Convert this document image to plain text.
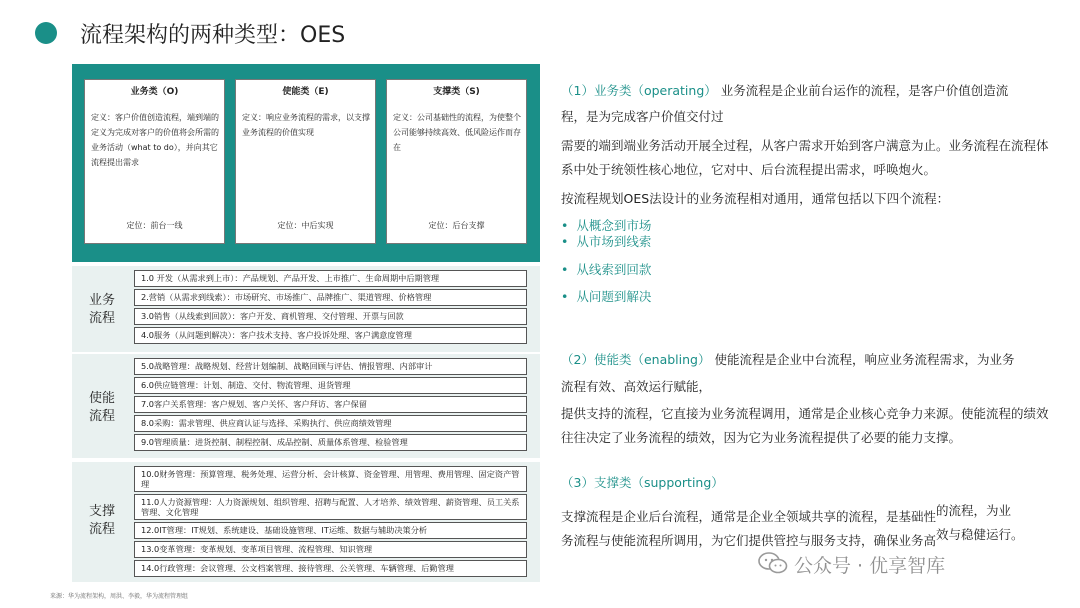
流程架构的两种类型：OES
业务类（O)
定义：客户价值创造流程，端到端的定义为完成对客户的价值将会所需的业务活动（what to do），并向其它流程提出需求
定位：前台一线
使能类（E)
定义：响应业务流程的需求，以支撑业务流程的价值实现
定位：中后实现
支撑类（S)
定义：公司基础性的流程，为使整个公司能够持续高效、低风险运作而存在
定位：后台支撑
业务
流程
1.0 开发（从需求到上市）：产品规划、产品开发、上市推广、生命周期中后期管理
2.营销（从需求到线索）：市场研究、市场推广、品牌推广、渠道管理、价格管理
3.0销售（从线索到回款）：客户开发、商机管理、交付管理、开票与回款
4.0服务（从问题到解决）：客户技术支持、客户投诉处理、客户满意度管理
使能
流程
5.0战略管理：战略规划、经营计划编制、战略回顾与评估、情报管理、内部审计
6.0供应链管理：计划、制造、交付、物流管理、退货管理
7.0客户关系管理：客户规划、客户关怀、客户拜访、客户保留
8.0采购：需求管理、供应商认证与选择、采购执行、供应商绩效管理
9.0管理质量：进货控制、制程控制、成品控制、质量体系管理、检验管理
支撑
流程
10.0财务管理：预算管理、税务处理、运营分析、会计核算、资金管理、用管理、费用管理、固定资产管理
11.0人力资源管理：人力资源规划、组织管理、招聘与配置、人才培养、绩效管理、薪资管理、员工关系管理、文化管理
12.0IT管理：IT规划、系统建设、基础设施管理、IT运维、数据与辅助决策分析
13.0变革管理：变革规划、变革项目管理、流程管理、知识管理
14.0行政管理：会议管理、公文档案管理、接待管理、公关管理、车辆管理、后勤管理
来源：华为流程架构，周洪、李毅，华为流程管理组
（1）业务类（operating） 业务流程是企业前台运作的流程，是客户价值创造流
程，是为完成客户价值交付过
需要的端到端业务活动开展全过程，从客户需求开始到客户满意为止。业务流程在流程体系中处于统领性核心地位，它对中、后台流程提出需求，呼唤炮火。
按流程规划OES法设计的业务流程相对通用，通常包括以下四个流程：
•  从概念到市场
•  从市场到线索
•  从线索到回款
•  从问题到解决
（2）使能类（enabling） 使能流程是企业中台流程，响应业务流程需求，为业务
流程有效、高效运行赋能，
提供支持的流程，它直接为业务流程调用，通常是企业核心竞争力来源。使能流程的绩效往往决定了业务流程的绩效，因为它为业务流程提供了必要的能力支撑。
（3）支撑类（supporting）
支撑流程是企业后台流程，通常是企业全领域共享的流程，是基础性的流程，为业
务流程与使能流程所调用，为它们提供管控与服务支持，确保业务高效与稳健运行。
公众号 · 优享智库
